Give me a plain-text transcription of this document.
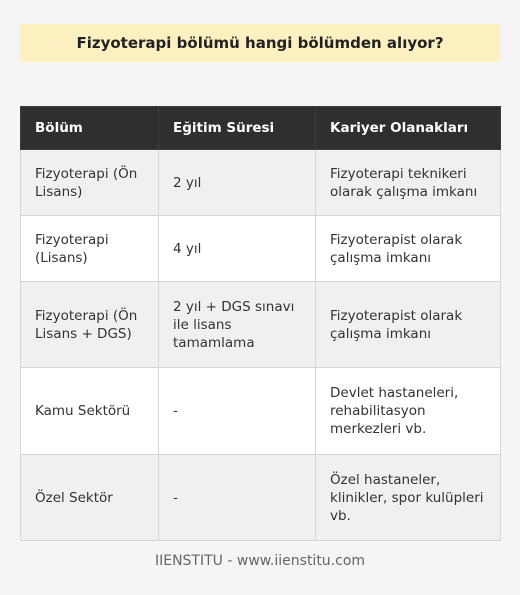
Fizyoterapi bölümü hangi bölümden alıyor?
Bölüm	Eğitim Süresi	Kariyer Olanakları
Fizyoterapi (Ön Lisans)	2 yıl	Fizyoterapi teknikeri olarak çalışma imkanı
Fizyoterapi (Lisans)	4 yıl	Fizyoterapist olarak çalışma imkanı
Fizyoterapi (Ön Lisans + DGS)	2 yıl + DGS sınavı ile lisans tamamlama	Fizyoterapist olarak çalışma imkanı
Kamu Sektörü	-	Devlet hastaneleri, rehabilitasyon merkezleri vb.
Özel Sektör	-	Özel hastaneler, klinikler, spor kulüpleri vb.
IIENSTITU - www.iienstitu.com
